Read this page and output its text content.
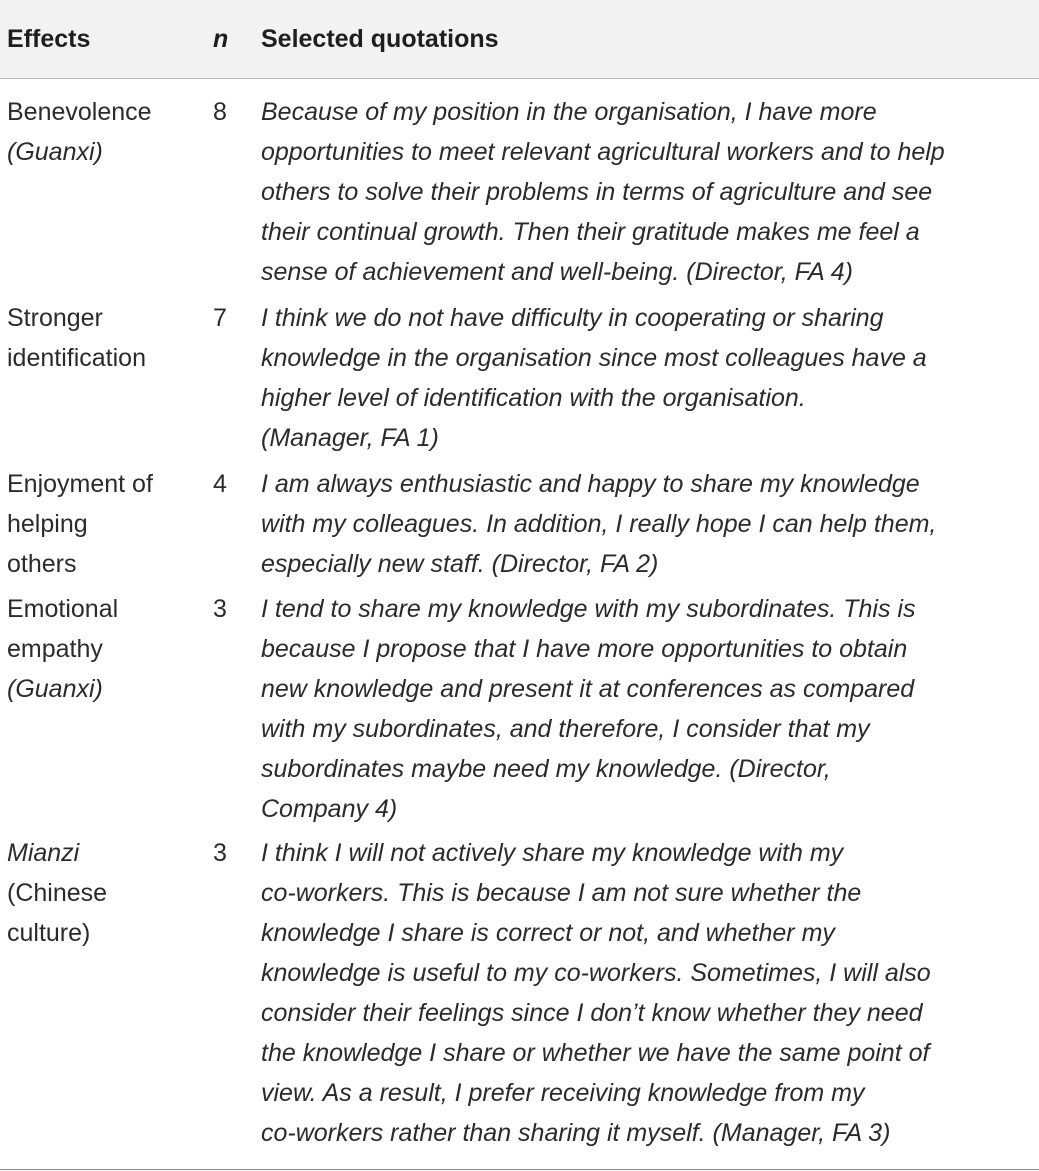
Effects	n Selected quotations
Benevolence
(Guanxi)
8 Because of my position in the organisation, I have more
opportunities to meet relevant agricultural workers and to help
others to solve their problems in terms of agriculture and see
their continual growth. Then their gratitude makes me feel a
sense of achievement and well-being. (Director, FA 4)
Stronger
identification
7 I think we do not have difficulty in cooperating or sharing
knowledge in the organisation since most colleagues have a
higher level of identification with the organisation.
(Manager, FA 1)
Enjoyment of
helping
others
4 I am always enthusiastic and happy to share my knowledge
with my colleagues. In addition, I really hope I can help them,
especially new staff. (Director, FA 2)
Emotional
empathy
(Guanxi)
3 I tend to share my knowledge with my subordinates. This is
because I propose that I have more opportunities to obtain
new knowledge and present it at conferences as compared
with my subordinates, and therefore, I consider that my
subordinates maybe need my knowledge. (Director,
Company 4)
Mianzi
(Chinese
culture)
3 I think I will not actively share my knowledge with my
co-workers. This is because I am not sure whether the
knowledge I share is correct or not, and whether my
knowledge is useful to my co-workers. Sometimes, I will also
consider their feelings since I don’t know whether they need
the knowledge I share or whether we have the same point of
view. As a result, I prefer receiving knowledge from my
co-workers rather than sharing it myself. (Manager, FA 3)
